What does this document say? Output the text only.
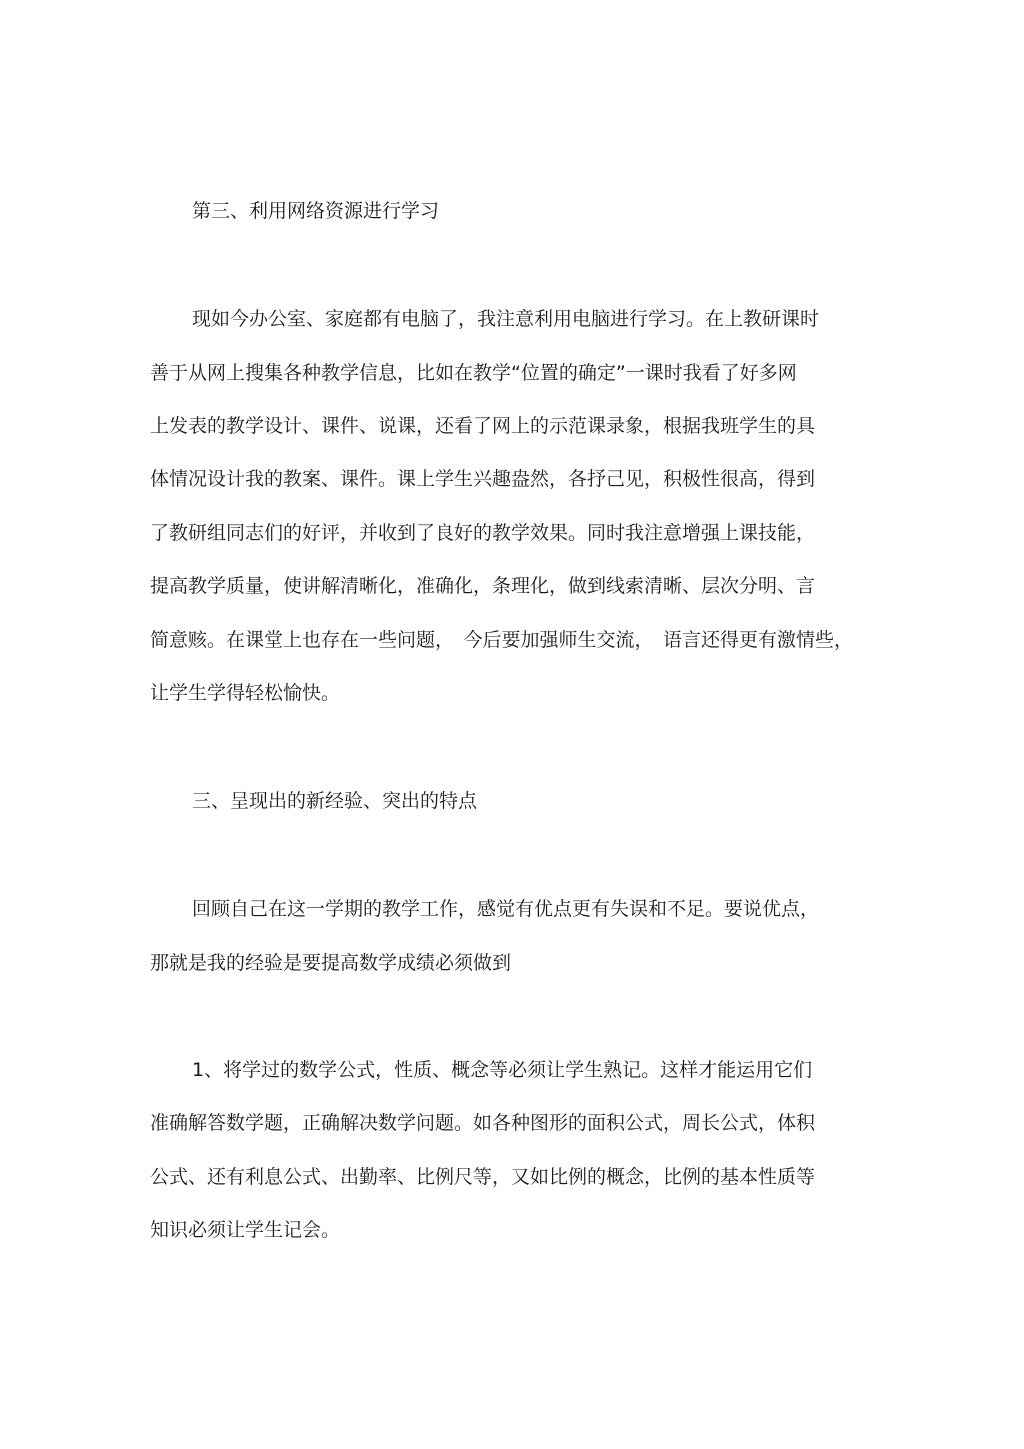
第三、利用网络资源进行学习
现如今办公室、家庭都有电脑了，我注意利用电脑进行学习。在上教研课时
善于从网上搜集各种教学信息，比如在教学“位置的确定”一课时我看了好多网
上发表的教学设计、课件、说课，还看了网上的示范课录象，根据我班学生的具
体情况设计我的教案、课件。课上学生兴趣盎然，各抒己见，积极性很高，得到
了教研组同志们的好评，并收到了良好的教学效果。同时我注意增强上课技能，
提高教学质量，使讲解清晰化，准确化，条理化，做到线索清晰、层次分明、言
简意赅。在课堂上也存在一些问题，　今后要加强师生交流，　语言还得更有激情些，
让学生学得轻松愉快。
三、呈现出的新经验、突出的特点
回顾自己在这一学期的教学工作，感觉有优点更有失误和不足。要说优点，
那就是我的经验是要提高数学成绩必须做到
1、将学过的数学公式，性质、概念等必须让学生熟记。这样才能运用它们
准确解答数学题，正确解决数学问题。如各种图形的面积公式，周长公式，体积
公式、还有利息公式、出勤率、比例尺等，又如比例的概念，比例的基本性质等
知识必须让学生记会。
